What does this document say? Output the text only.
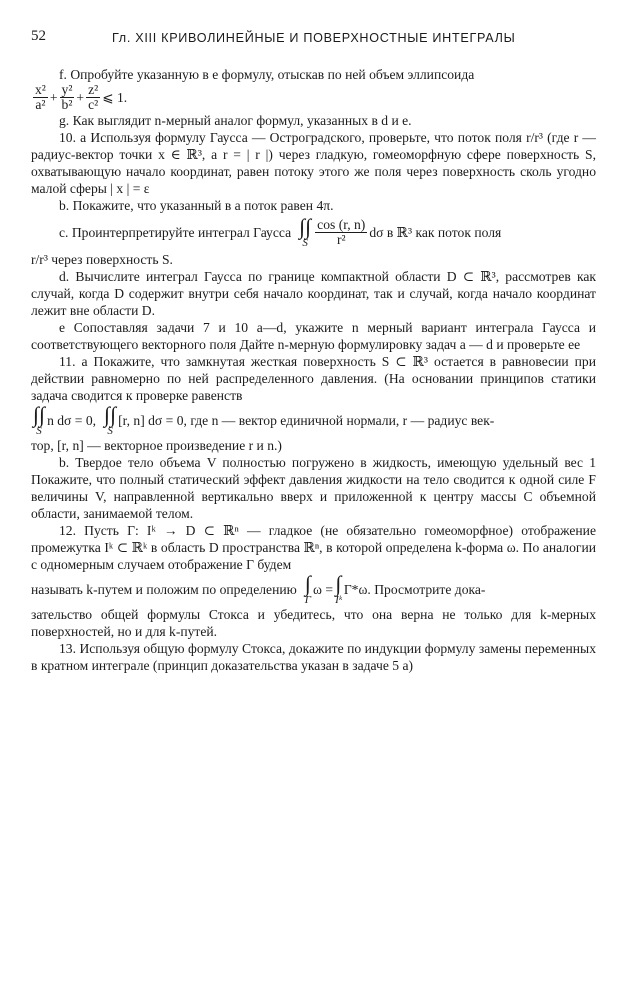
52	Гл. XIII КРИВОЛИНЕЙНЫЕ И ПОВЕРХНОСТНЫЕ ИНТЕГРАЛЫ

f. Опробуйте указанную в e формулу, отыскав по ней объем эллипсоида

x²
$a^2 + \frac{\text{y²}}{\text{b²}} + \frac{\text{z²}}{\text{c²}}$ ⩽ 1.

g. Как выглядит n-мерный аналог формул, указанных в d и e.

10. a Используя формулу Гаусса — Остроградского, проверьте, что поток поля r/r³ (где r — радиус-вектор точки x ∈ ℝ³, а r = | r |) через гладкую, гомеоморфную сфере поверхность S, охватывающую начало координат, равен потоку этого же поля через поверхность сколь угодно малой сферы | x | = ε

b. Покажите, что указанный в a поток равен 4π.

c. Проинтерпретируйте интеграл Гаусса ∫∫
S
cos (r, n)
r²	dσ в ℝ³ как поток поля

r/r³ через поверхность S.

d. Вычислите интеграл Гаусса по границе компактной области D ⊂ ℝ³, рассмотрев как случай, когда D содержит внутри себя начало координат, так и случай, когда начало координат лежит вне области D.

e Сопоставляя задачи 7 и 10 a—d, укажите n мерный вариант интеграла Гаусса и соответствующего векторного поля Дайте n-мерную формулировку задач a — d и проверьте ее

11. a Покажите, что замкнутая жесткая поверхность S ⊂ ℝ³ остается в равновесии при действии равномерно по ней распределенного давления. (На основании принципов статики задача сводится к проверке равенств

∫∫
S
n dσ = 0, ∫∫
S
[r, n] dσ = 0, где n — вектор единичной нормали, r — радиус век-

тор, [r, n] — векторное произведение r и n.)

b. Твердое тело объема V полностью погружено в жидкость, имеющую удельный вес 1 Покажите, что полный статический эффект давления жидкости на тело сводится к одной силе F величины V, направленной вертикально вверх и приложенной к центру массы C объемной области, занимаемой телом.

12. Пусть Γ: Iᵏ → D ⊂ ℝⁿ — гладкое (не обязательно гомеоморфное) отображение промежутка Iᵏ ⊂ ℝᵏ в область D пространства ℝⁿ, в которой определена k-форма ω. По аналогии с одномерным случаем отображение Γ будем

называть k-путем и положим по определению ∫
Γ
ω = ∫
Iᵏ
Γ*ω. Просмотрите дока-

зательство общей формулы Стокса и убедитесь, что она верна не только для k-мерных поверхностей, но и для k-путей.

13. Используя общую формулу Стокса, докажите по индукции формулу замены переменных в кратном интеграле (принцип доказательства указан в задаче 5 a)
